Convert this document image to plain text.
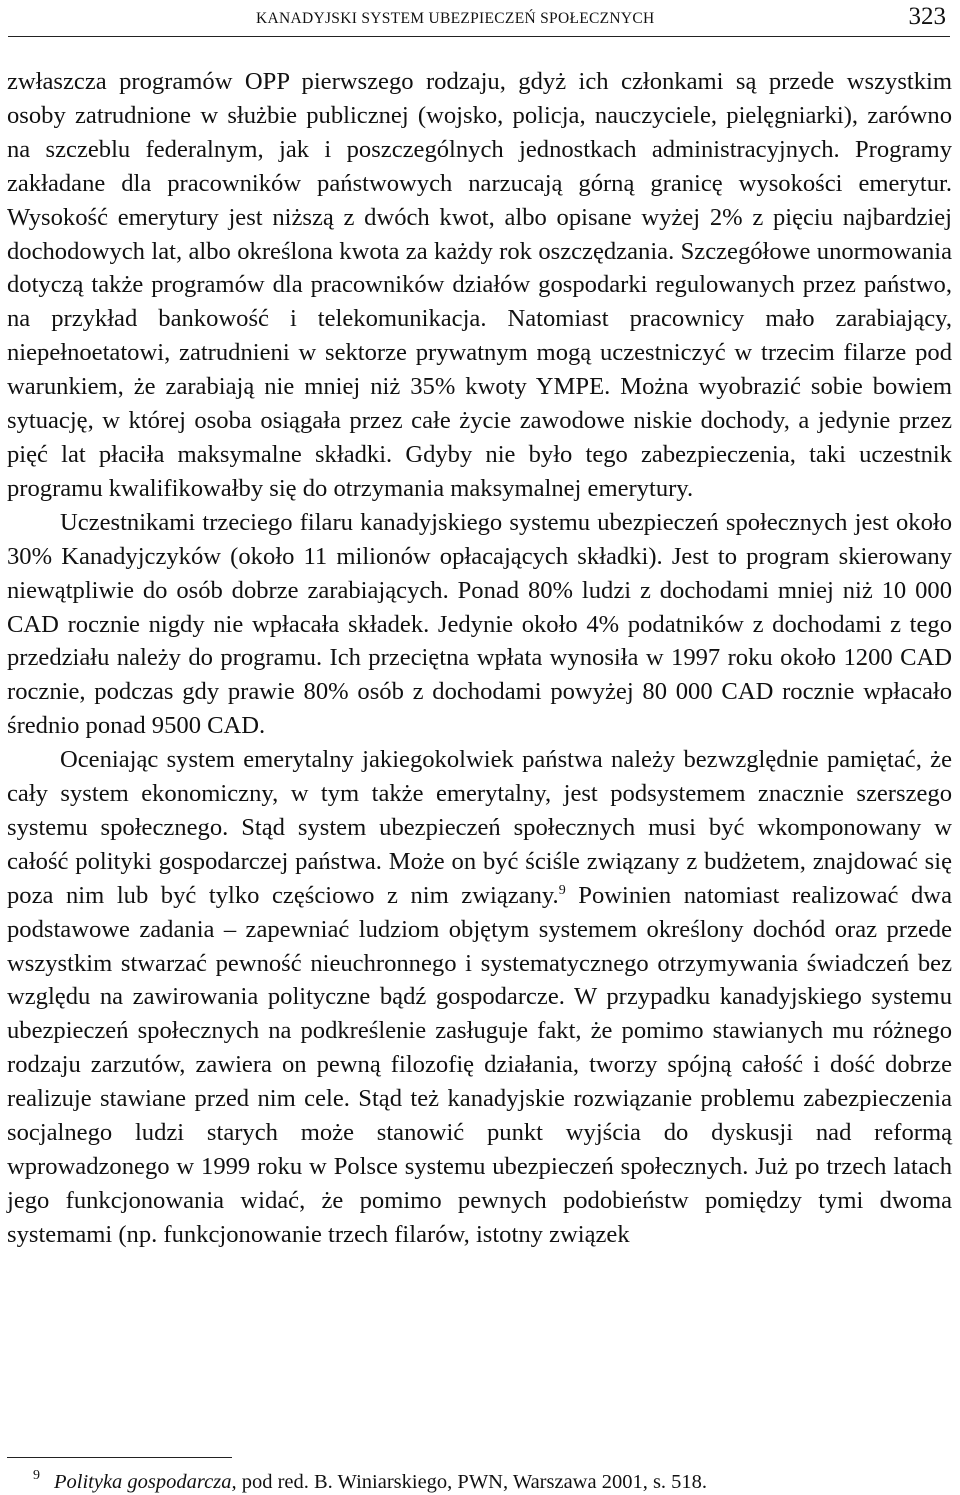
KANADYJSKI SYSTEM UBEZPIECZEŃ SPOŁECZNYCH	323

zwłaszcza programów OPP pierwszego rodzaju, gdyż ich członkami są przede wszystkim osoby zatrudnione w służbie publicznej (wojsko, policja, nauczyciele, pielęgniarki), zarówno na szczeblu federalnym, jak i poszczególnych jednostkach administracyjnych. Programy zakładane dla pracowników państwowych narzucają górną granicę wysokości emerytur. Wysokość emerytury jest niższą z dwóch kwot, albo opisane wyżej 2% z pięciu najbardziej dochodowych lat, albo określona kwota za każdy rok oszczędzania. Szczegółowe unormowania dotyczą także programów dla pracowników działów gospodarki regulowanych przez państwo, na przykład bankowość i telekomunikacja. Natomiast pracownicy mało zarabiający, niepełnoetatowi, zatrudnieni w sektorze prywatnym mogą uczestniczyć w trzecim filarze pod warunkiem, że zarabiają nie mniej niż 35% kwoty YMPE. Można wyobrazić sobie bowiem sytuację, w której osoba osiągała przez całe życie zawodowe niskie dochody, a jedynie przez pięć lat płaciła maksymalne składki. Gdyby nie było tego zabezpieczenia, taki uczestnik programu kwalifikowałby się do otrzymania maksymalnej emerytury.

Uczestnikami trzeciego filaru kanadyjskiego systemu ubezpieczeń społecznych jest około 30% Kanadyjczyków (około 11 milionów opłacających składki). Jest to program skierowany niewątpliwie do osób dobrze zarabiających. Ponad 80% ludzi z dochodami mniej niż 10 000 CAD rocznie nigdy nie wpłacała składek. Jedynie około 4% podatników z dochodami z tego przedziału należy do programu. Ich przeciętna wpłata wynosiła w 1997 roku około 1200 CAD rocznie, podczas gdy prawie 80% osób z dochodami powyżej 80 000 CAD rocznie wpłacało średnio ponad 9500 CAD.

Oceniając system emerytalny jakiegokolwiek państwa należy bezwzględnie pamiętać, że cały system ekonomiczny, w tym także emerytalny, jest podsystemem znacznie szerszego systemu społecznego. Stąd system ubezpieczeń społecznych musi być wkomponowany w całość polityki gospodarczej państwa. Może on być ściśle związany z budżetem, znajdować się poza nim lub być tylko częściowo z nim związany.$^9$ Powinien natomiast realizować dwa podstawowe zadania – zapewniać ludziom objętym systemem określony dochód oraz przede wszystkim stwarzać pewność nieuchronnego i systematycznego otrzymywania świadczeń bez względu na zawirowania polityczne bądź gospodarcze. W przypadku kanadyjskiego systemu ubezpieczeń społecznych na podkreślenie zasługuje fakt, że pomimo stawianych mu różnego rodzaju zarzutów, zawiera on pewną filozofię działania, tworzy spójną całość i dość dobrze realizuje stawiane przed nim cele. Stąd też kanadyjskie rozwiązanie problemu zabezpieczenia socjalnego ludzi starych może stanowić punkt wyjścia do dyskusji nad reformą wprowadzonego w 1999 roku w Polsce systemu ubezpieczeń społecznych. Już po trzech latach jego funkcjonowania widać, że pomimo pewnych podobieństw pomiędzy tymi dwoma systemami (np. funkcjonowanie trzech filarów, istotny związek

$^9$ Polityka gospodarcza, pod red. B. Winiarskiego, PWN, Warszawa 2001, s. 518.
